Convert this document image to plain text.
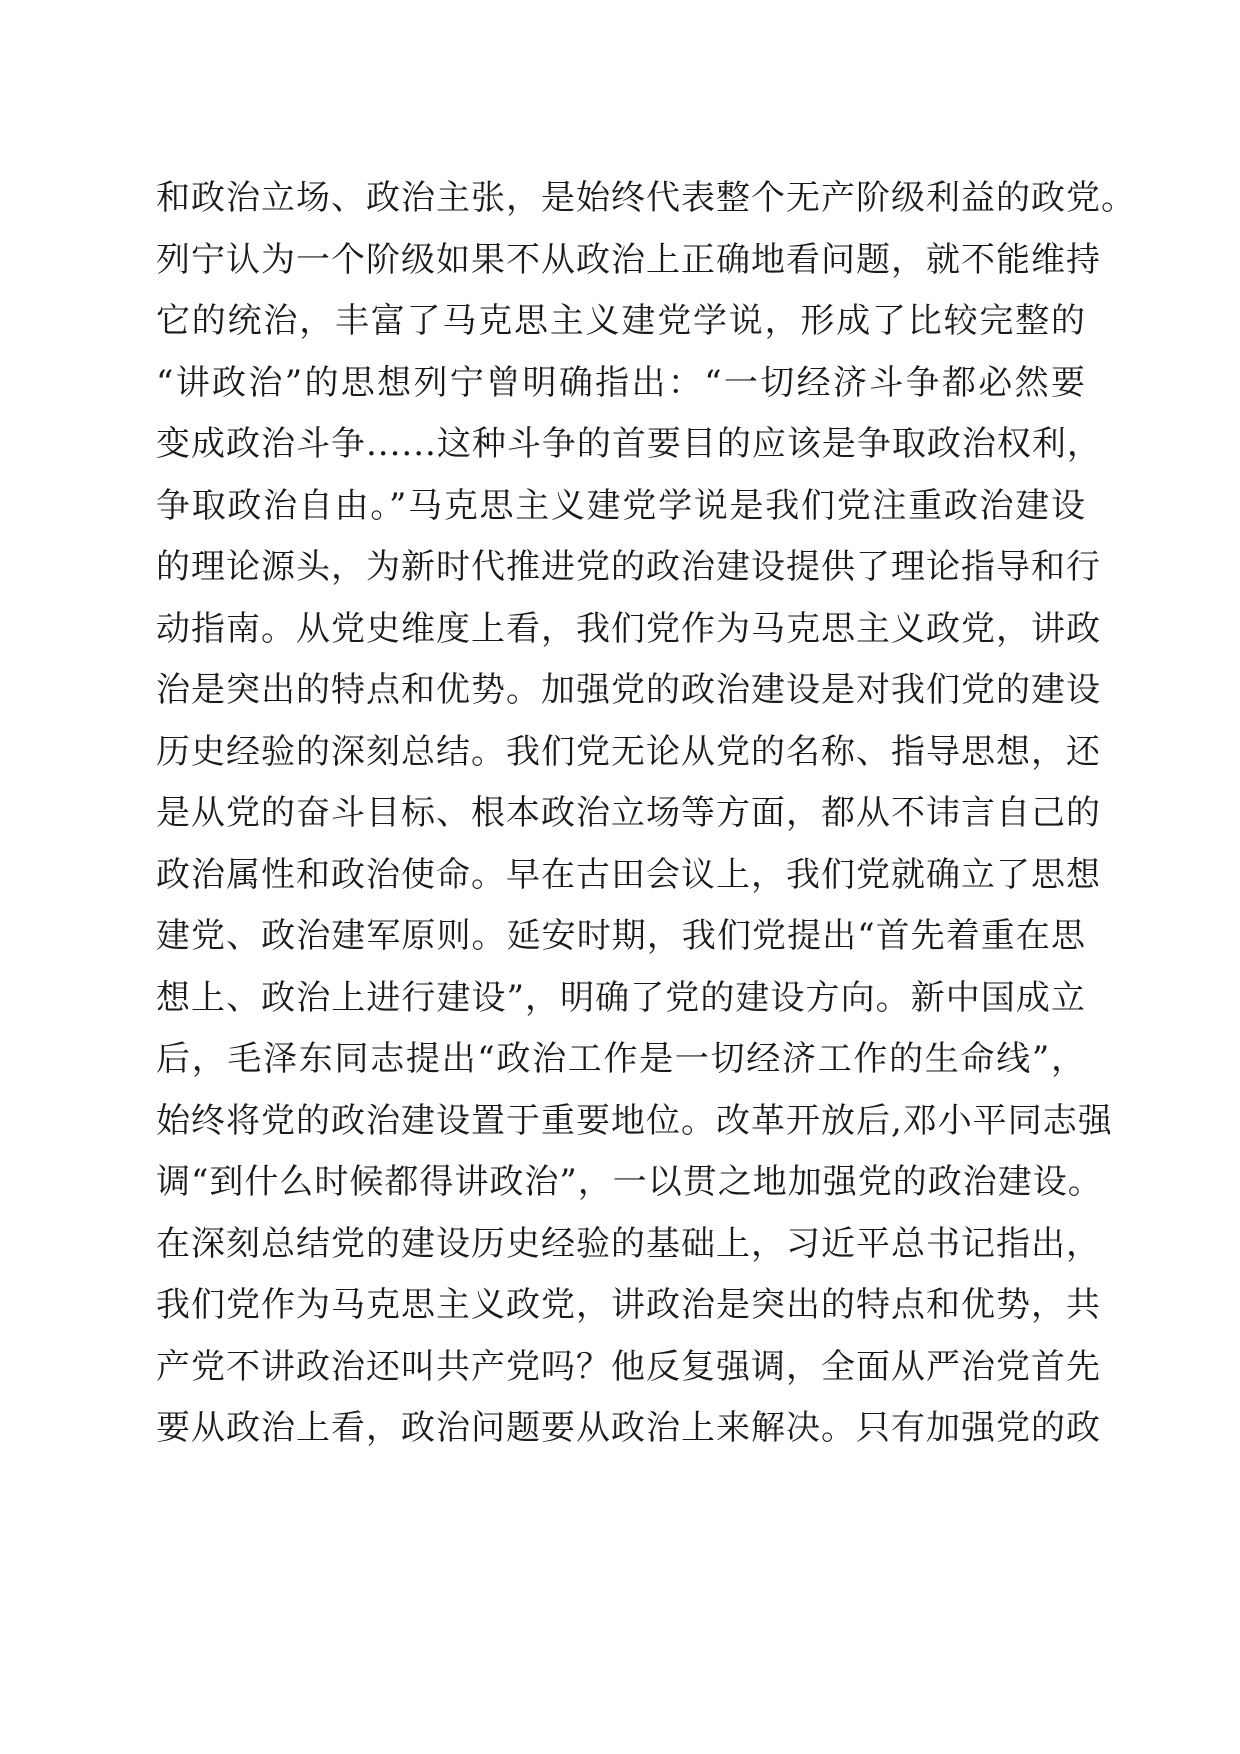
和政治立场、政治主张，是始终代表整个无产阶级利益的政党。
列宁认为一个阶级如果不从政治上正确地看问题，就不能维持
它的统治，丰富了马克思主义建党学说，形成了比较完整的
“讲政治”的思想列宁曾明确指出：“一切经济斗争都必然要
变成政治斗争......这种斗争的首要目的应该是争取政治权利，
争取政治自由。”马克思主义建党学说是我们党注重政治建设
的理论源头，为新时代推进党的政治建设提供了理论指导和行
动指南。从党史维度上看，我们党作为马克思主义政党，讲政
治是突出的特点和优势。加强党的政治建设是对我们党的建设
历史经验的深刻总结。我们党无论从党的名称、指导思想，还
是从党的奋斗目标、根本政治立场等方面，都从不讳言自己的
政治属性和政治使命。早在古田会议上，我们党就确立了思想
建党、政治建军原则。延安时期，我们党提出“首先着重在思
想上、政治上进行建设”，明确了党的建设方向。新中国成立
后，毛泽东同志提出“政治工作是一切经济工作的生命线”，
始终将党的政治建设置于重要地位。改革开放后,邓小平同志强
调“到什么时候都得讲政治”，一以贯之地加强党的政治建设。
在深刻总结党的建设历史经验的基础上，习近平总书记指出，
我们党作为马克思主义政党，讲政治是突出的特点和优势，共
产党不讲政治还叫共产党吗？他反复强调，全面从严治党首先
要从政治上看，政治问题要从政治上来解决。只有加强党的政
